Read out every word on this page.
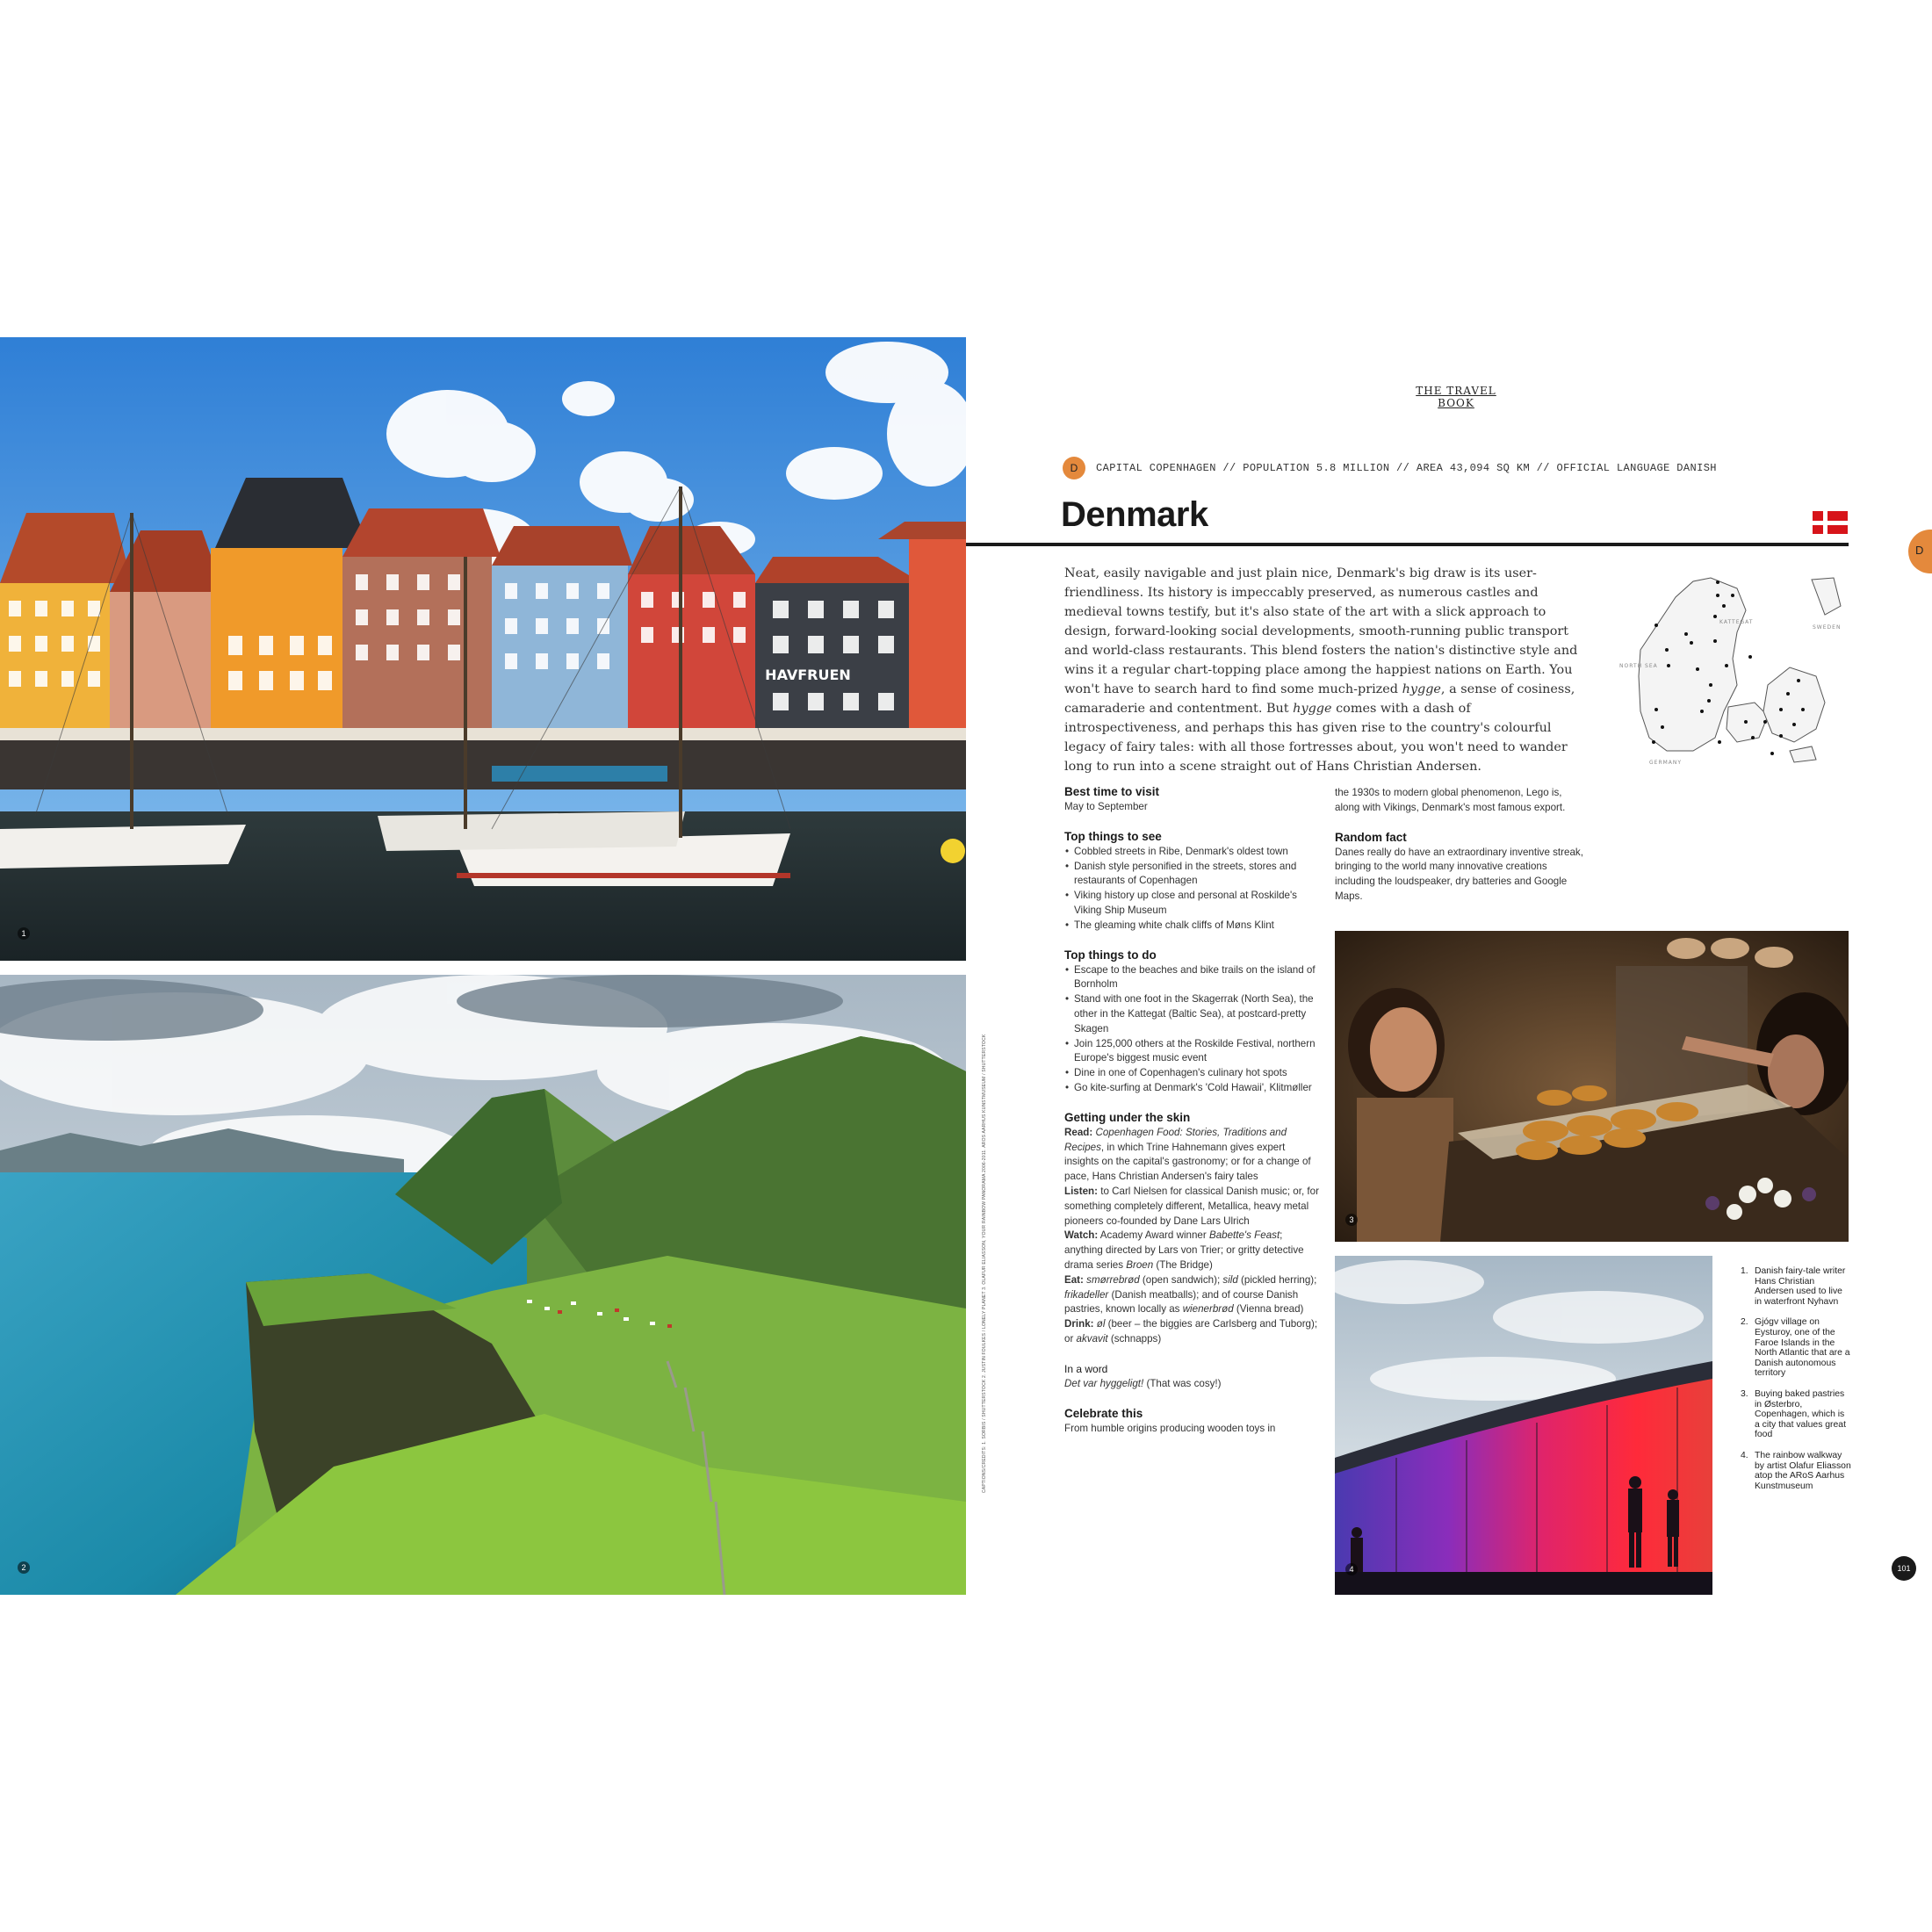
HAVFRUEN
1
2
CAPTIONS/CREDITS: 1. SORBIS / SHUTTERSTOCK 2. JUSTIN FOULKES / LONELY PLANET 3. OLAFUR ELIASSON, YOUR RAINBOW PANORAMA 2006-2011. AROS AARHUS KUNSTMUSEUM / SHUTTERSTOCK
THE TRAVEL BOOK
D	CAPITAL COPENHAGEN // POPULATION 5.8 MILLION // AREA 43,094 SQ KM // OFFICIAL LANGUAGE DANISH
Denmark
D
Neat, easily navigable and just plain nice, Denmark's big draw is its user-friendliness. Its history is impeccably preserved, as numerous castles and medieval towns testify, but it's also state of the art with a slick approach to design, forward-looking social developments, smooth-running public transport and world-class restaurants. This blend fosters the nation's distinctive style and wins it a regular chart-topping place among the happiest nations on Earth. You won't have to search hard to find some much-prized hygge, a sense of cosiness, camaraderie and contentment. But hygge comes with a dash of introspectiveness, and perhaps this has given rise to the country's colourful legacy of fairy tales: with all those fortresses about, you won't need to wander long to run into a scene straight out of Hans Christian Andersen.
KATTEGAT
NORTH SEA
SWEDEN
GERMANY
Best time to visit

May to September

Top things to see
• Cobbled streets in Ribe, Denmark's oldest town
• Danish style personified in the streets, stores and restaurants of Copenhagen
• Viking history up close and personal at Roskilde's Viking Ship Museum
• The gleaming white chalk cliffs of Møns Klint
Top things to do
• Escape to the beaches and bike trails on the island of Bornholm
• Stand with one foot in the Skagerrak (North Sea), the other in the Kattegat (Baltic Sea), at postcard-pretty Skagen
• Join 125,000 others at the Roskilde Festival, northern Europe's biggest music event
• Dine in one of Copenhagen's culinary hot spots
• Go kite-surfing at Denmark's 'Cold Hawaii', Klitmøller
Getting under the skin

Read: Copenhagen Food: Stories, Traditions and Recipes, in which Trine Hahnemann gives expert insights on the capital's gastronomy; or for a change of pace, Hans Christian Andersen's fairy tales

Listen: to Carl Nielsen for classical Danish music; or, for something completely different, Metallica, heavy metal pioneers co-founded by Dane Lars Ulrich

Watch: Academy Award winner Babette's Feast; anything directed by Lars von Trier; or gritty detective drama series Broen (The Bridge)

Eat: smørrebrød (open sandwich); sild (pickled herring); frikadeller (Danish meatballs); and of course Danish pastries, known locally as wienerbrød (Vienna bread)

Drink: øl (beer – the biggies are Carlsberg and Tuborg); or akvavit (schnapps)

In a word

Det var hyggeligt! (That was cosy!)

Celebrate this

From humble origins producing wooden toys in

the 1930s to modern global phenomenon, Lego is, along with Vikings, Denmark's most famous export.

Random fact

Danes really do have an extraordinary inventive streak, bringing to the world many innovative creations including the loudspeaker, dry batteries and Google Maps.

3
4
1. Danish fairy-tale writer Hans Christian Andersen used to live in waterfront Nyhavn
2. Gjógv village on Eysturoy, one of the Faroe Islands in the North Atlantic that are a Danish autonomous territory
3. Buying baked pastries in Østerbro, Copenhagen, which is a city that values great food
4. The rainbow walkway by artist Olafur Eliasson atop the ARoS Aarhus Kunstmuseum
101
